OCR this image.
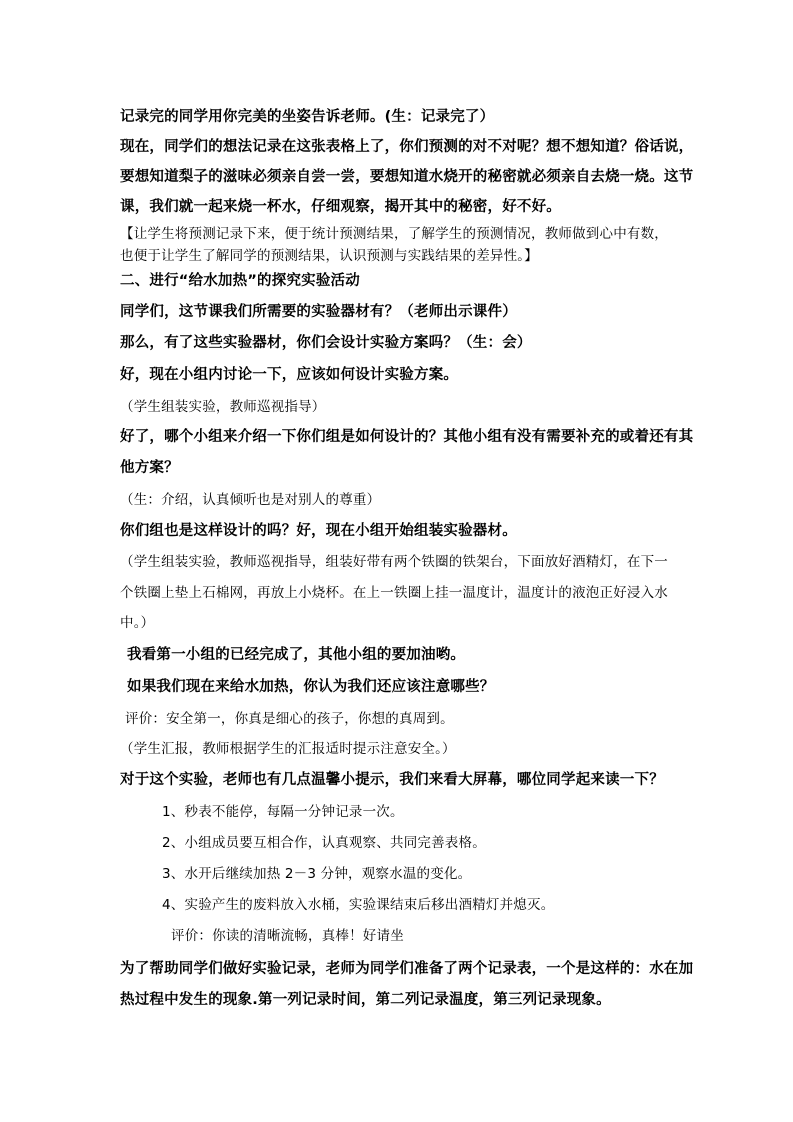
记录完的同学用你完美的坐姿告诉老师。(生：记录完了）

现在，同学们的想法记录在这张表格上了，你们预测的对不对呢？想不想知道？俗话说，

要想知道梨子的滋味必须亲自尝一尝，要想知道水烧开的秘密就必须亲自去烧一烧。这节

课，我们就一起来烧一杯水，仔细观察，揭开其中的秘密，好不好。

【让学生将预测记录下来，便于统计预测结果，了解学生的预测情况，教师做到心中有数，

也便于让学生了解同学的预测结果，认识预测与实践结果的差异性。】

二、进行“给水加热”的探究实验活动

同学们，这节课我们所需要的实验器材有？（老师出示课件）

那么，有了这些实验器材，你们会设计实验方案吗？（生：会）

好，现在小组内讨论一下，应该如何设计实验方案。

（学生组装实验，教师巡视指导）

好了，哪个小组来介绍一下你们组是如何设计的？其他小组有没有需要补充的或着还有其

他方案？

（生：介绍，认真倾听也是对别人的尊重）

你们组也是这样设计的吗？好，现在小组开始组装实验器材。

（学生组装实验，教师巡视指导，组装好带有两个铁圈的铁架台，下面放好酒精灯，在下一

个铁圈上垫上石棉网，再放上小烧杯。在上一铁圈上挂一温度计，温度计的液泡正好浸入水

中。）

我看第一小组的已经完成了，其他小组的要加油哟。

如果我们现在来给水加热，你认为我们还应该注意哪些？

评价：安全第一，你真是细心的孩子，你想的真周到。

（学生汇报，教师根据学生的汇报适时提示注意安全。）

对于这个实验，老师也有几点温馨小提示，我们来看大屏幕，哪位同学起来读一下？

1、秒表不能停，每隔一分钟记录一次。

2、小组成员要互相合作，认真观察、共同完善表格。

3、水开后继续加热 2－3 分钟，观察水温的变化。

4、实验产生的废料放入水桶，实验课结束后移出酒精灯并熄灭。

评价：你读的清晰流畅，真棒！好请坐

为了帮助同学们做好实验记录，老师为同学们准备了两个记录表，一个是这样的：水在加

热过程中发生的现象.第一列记录时间，第二列记录温度，第三列记录现象。
